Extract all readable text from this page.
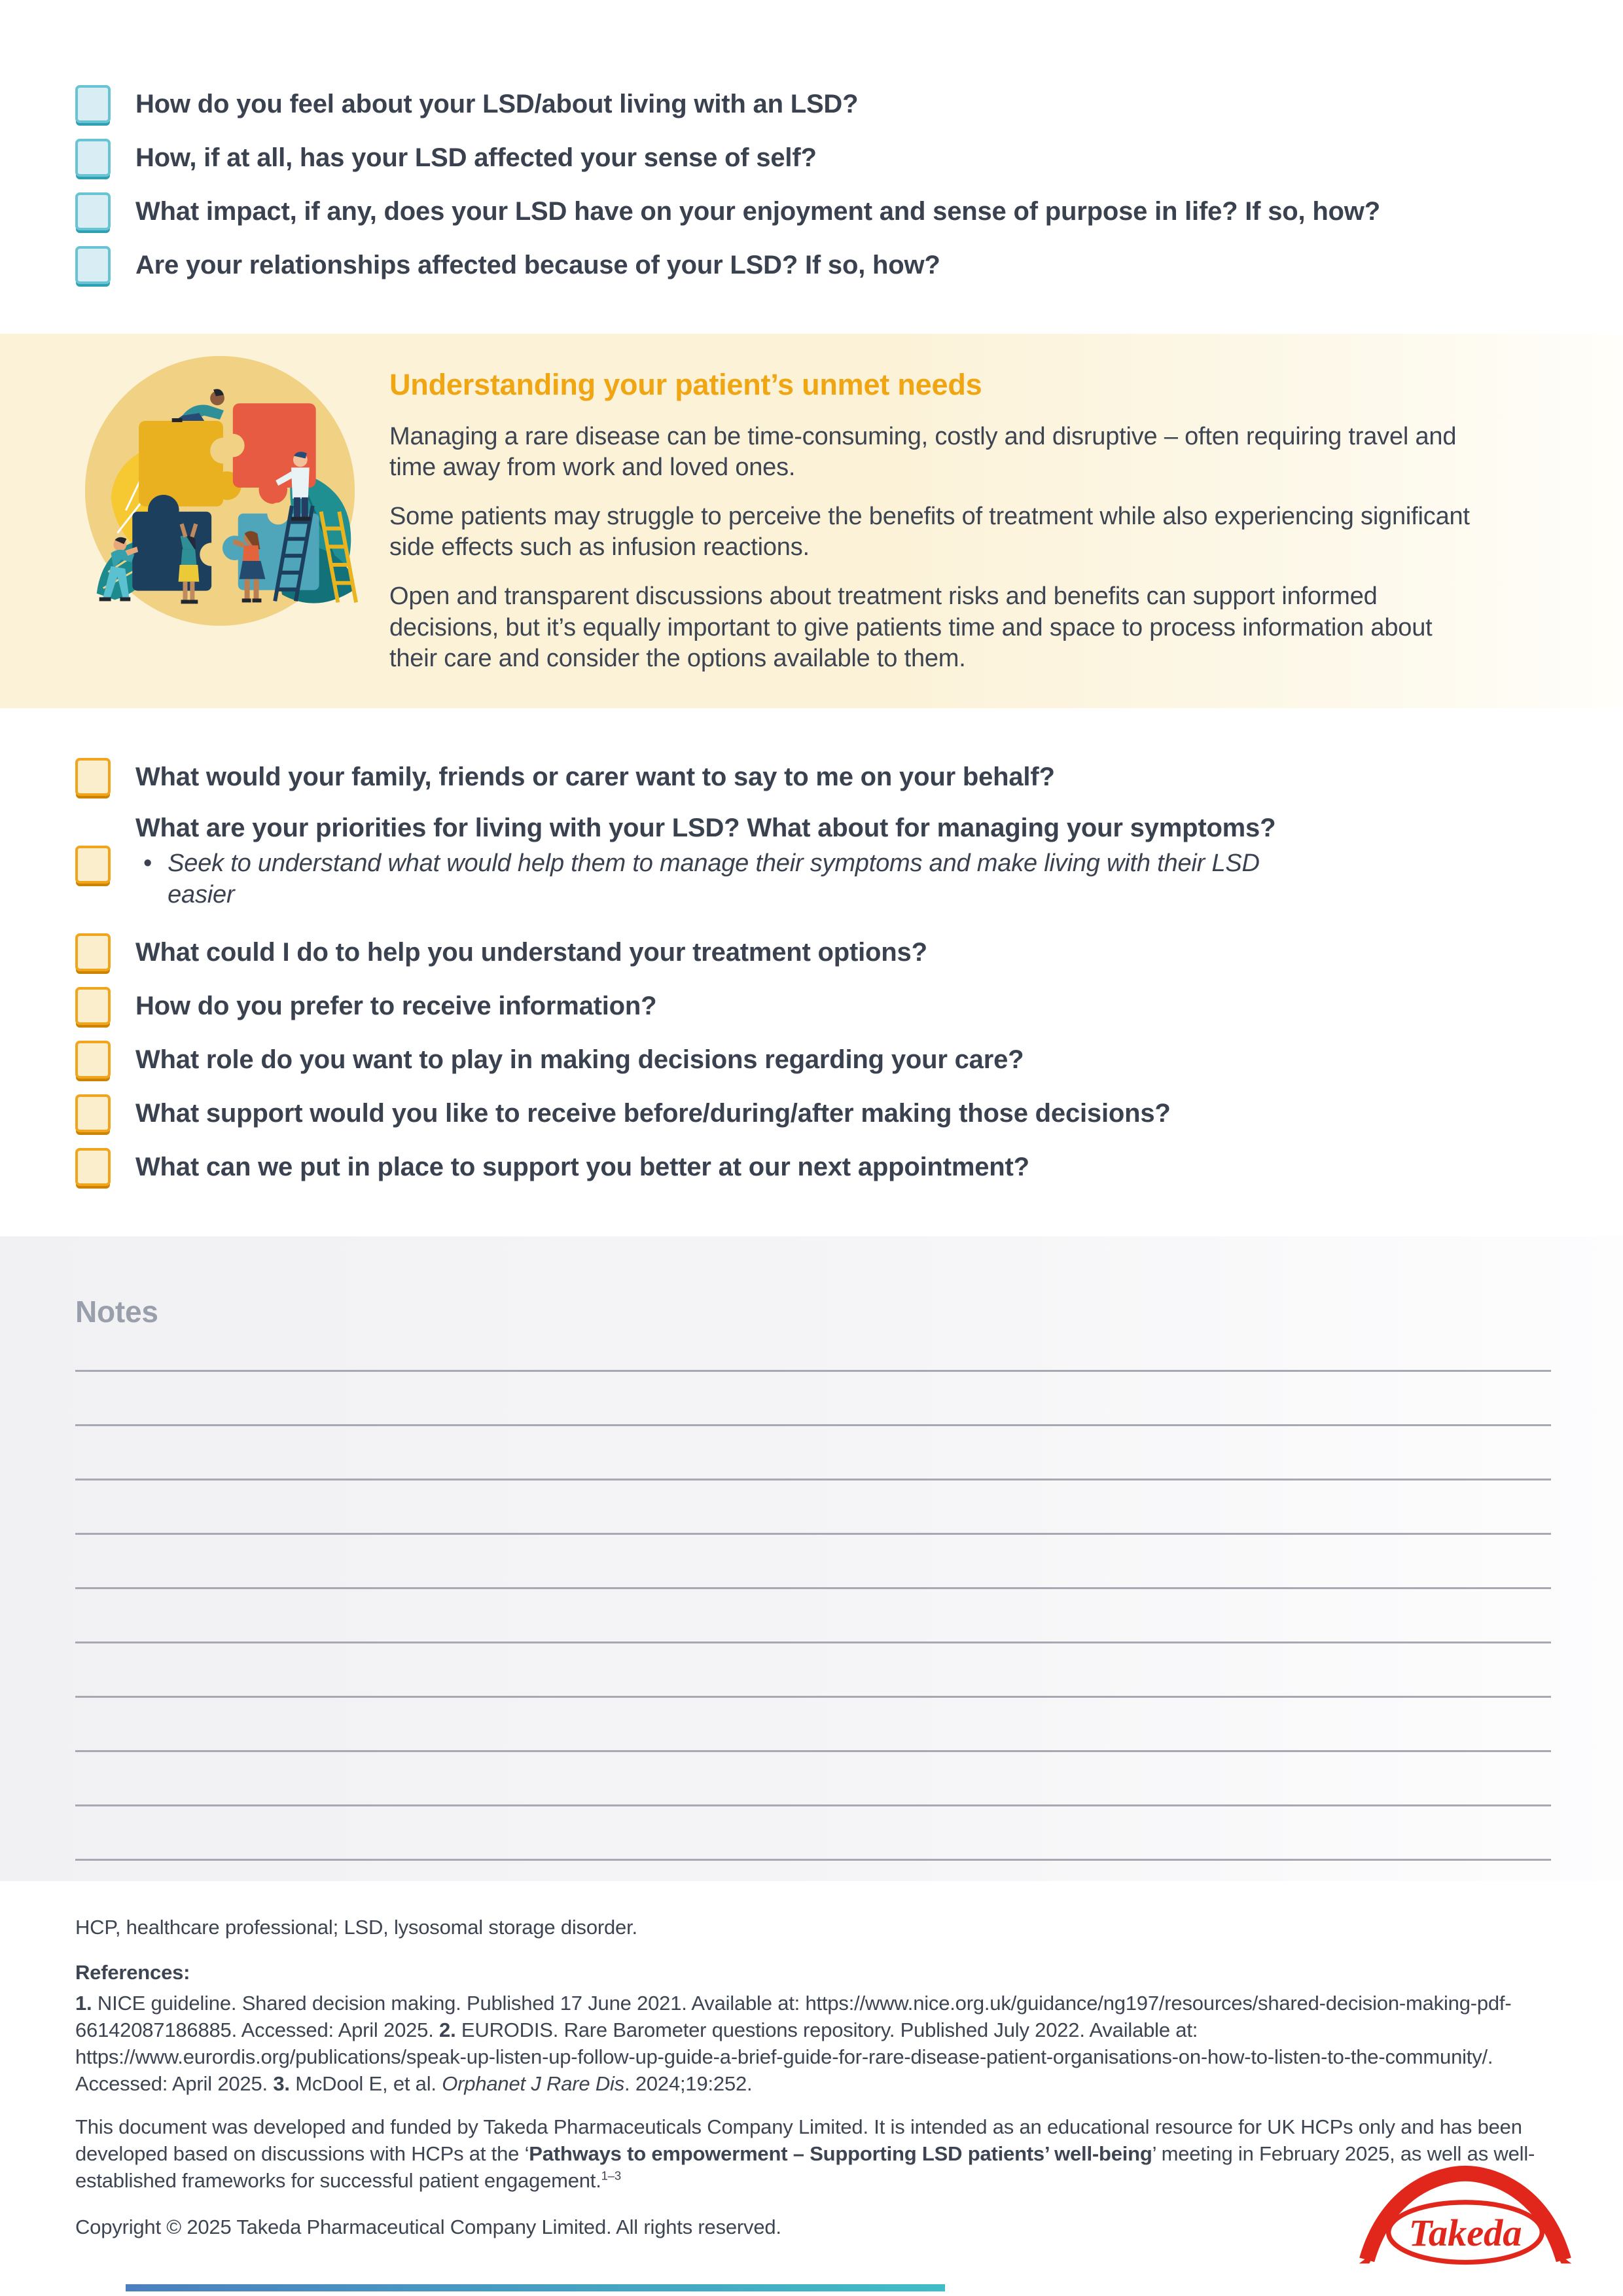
How do you feel about your LSD/about living with an LSD?
How, if at all, has your LSD affected your sense of self?
What impact, if any, does your LSD have on your enjoyment and sense of purpose in life? If so, how?
Are your relationships affected because of your LSD? If so, how?
Understanding your patient’s unmet needs

Managing a rare disease can be time-consuming, costly and disruptive – often requiring travel and time away from work and loved ones.

Some patients may struggle to perceive the benefits of treatment while also experiencing significant side effects such as infusion reactions.

Open and transparent discussions about treatment risks and benefits can support informed decisions, but it’s equally important to give patients time and space to process information about their care and consider the options available to them.

What would your family, friends or carer want to say to me on your behalf?
What are your priorities for living with your LSD? What about for managing your symptoms?
• Seek to understand what would help them to manage their symptoms and make living with their LSD easier
What could I do to help you understand your treatment options?
How do you prefer to receive information?
What role do you want to play in making decisions regarding your care?
What support would you like to receive before/during/after making those decisions?
What can we put in place to support you better at our next appointment?
Notes
HCP, healthcare professional; LSD, lysosomal storage disorder.
References:
1. NICE guideline. Shared decision making. Published 17 June 2021. Available at: https://www.nice.org.uk/guidance/ng197/resources/shared-decision-making-pdf-66142087186885. Accessed: April 2025. 2. EURODIS. Rare Barometer questions repository. Published July 2022. Available at: https://www.eurordis.org/publications/speak-up-listen-up-follow-up-guide-a-brief-guide-for-rare-disease-patient-organisations-on-how-to-listen-to-the-community/. Accessed: April 2025. 3. McDool E, et al. Orphanet J Rare Dis. 2024;19:252.
This document was developed and funded by Takeda Pharmaceuticals Company Limited. It is intended as an educational resource for UK HCPs only and has been developed based on discussions with HCPs at the ‘Pathways to empowerment – Supporting LSD patients’ well-being’ meeting in February 2025, as well as well-established frameworks for successful patient engagement.$^{1-3}$
Copyright © 2025 Takeda Pharmaceutical Company Limited. All rights reserved.	Takeda
